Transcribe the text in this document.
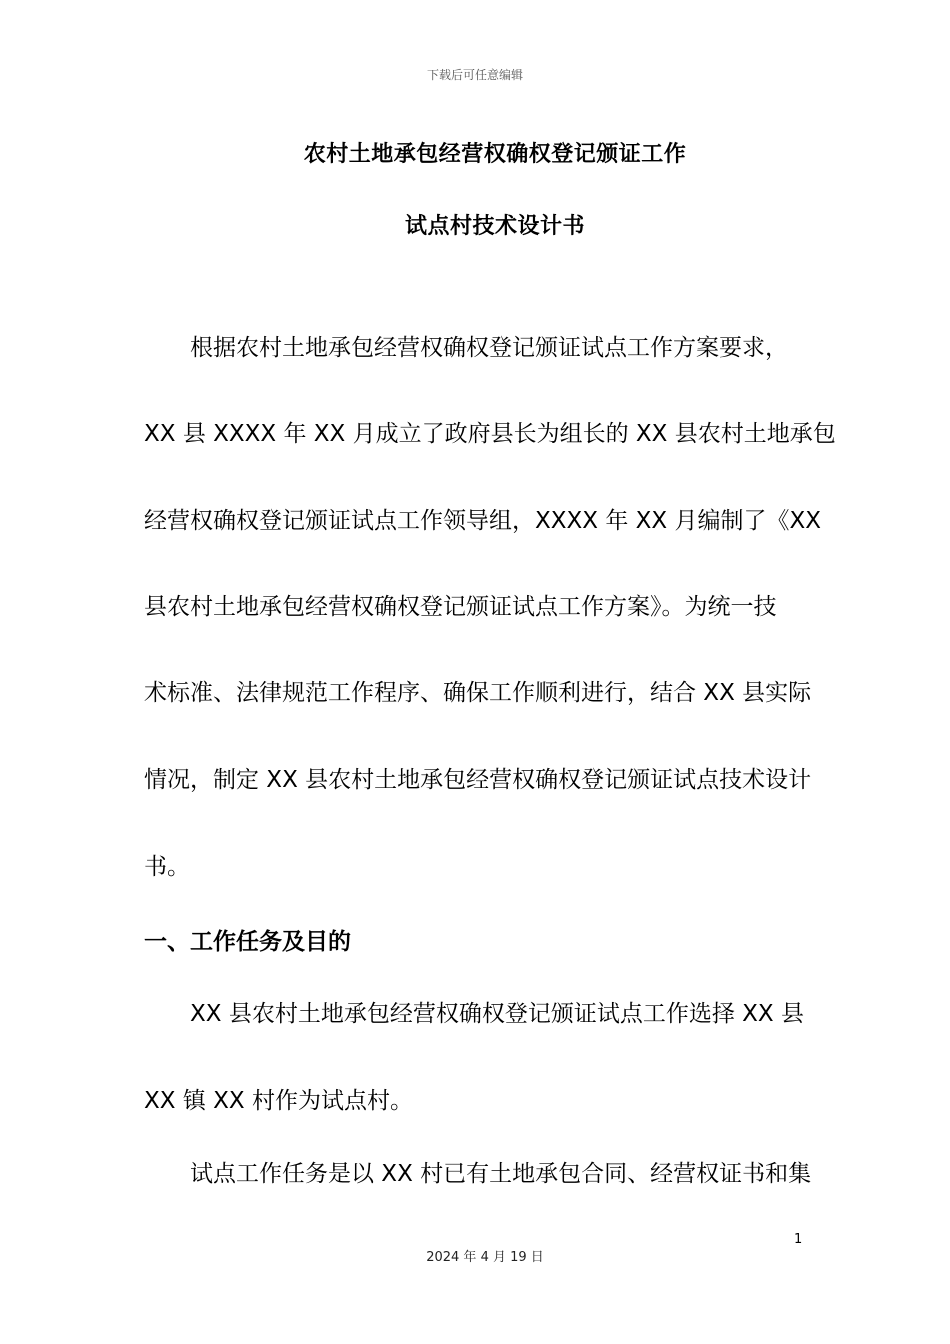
下载后可任意编辑
农村土地承包经营权确权登记颁证工作
试点村技术设计书
根据农村土地承包经营权确权登记颁证试点工作方案要求，
XX 县 XXXX 年 XX 月成立了政府县长为组长的 XX 县农村土地承包
经营权确权登记颁证试点工作领导组，XXXX 年 XX 月编制了《XX
县农村土地承包经营权确权登记颁证试点工作方案》。为统一技
术标准、法律规范工作程序、确保工作顺利进行，结合 XX 县实际
情况，制定 XX 县农村土地承包经营权确权登记颁证试点技术设计
书。
一、工作任务及目的
XX 县农村土地承包经营权确权登记颁证试点工作选择 XX 县
XX 镇 XX 村作为试点村。
试点工作任务是以 XX 村已有土地承包合同、经营权证书和集
1
2024 年 4 月 19 日
